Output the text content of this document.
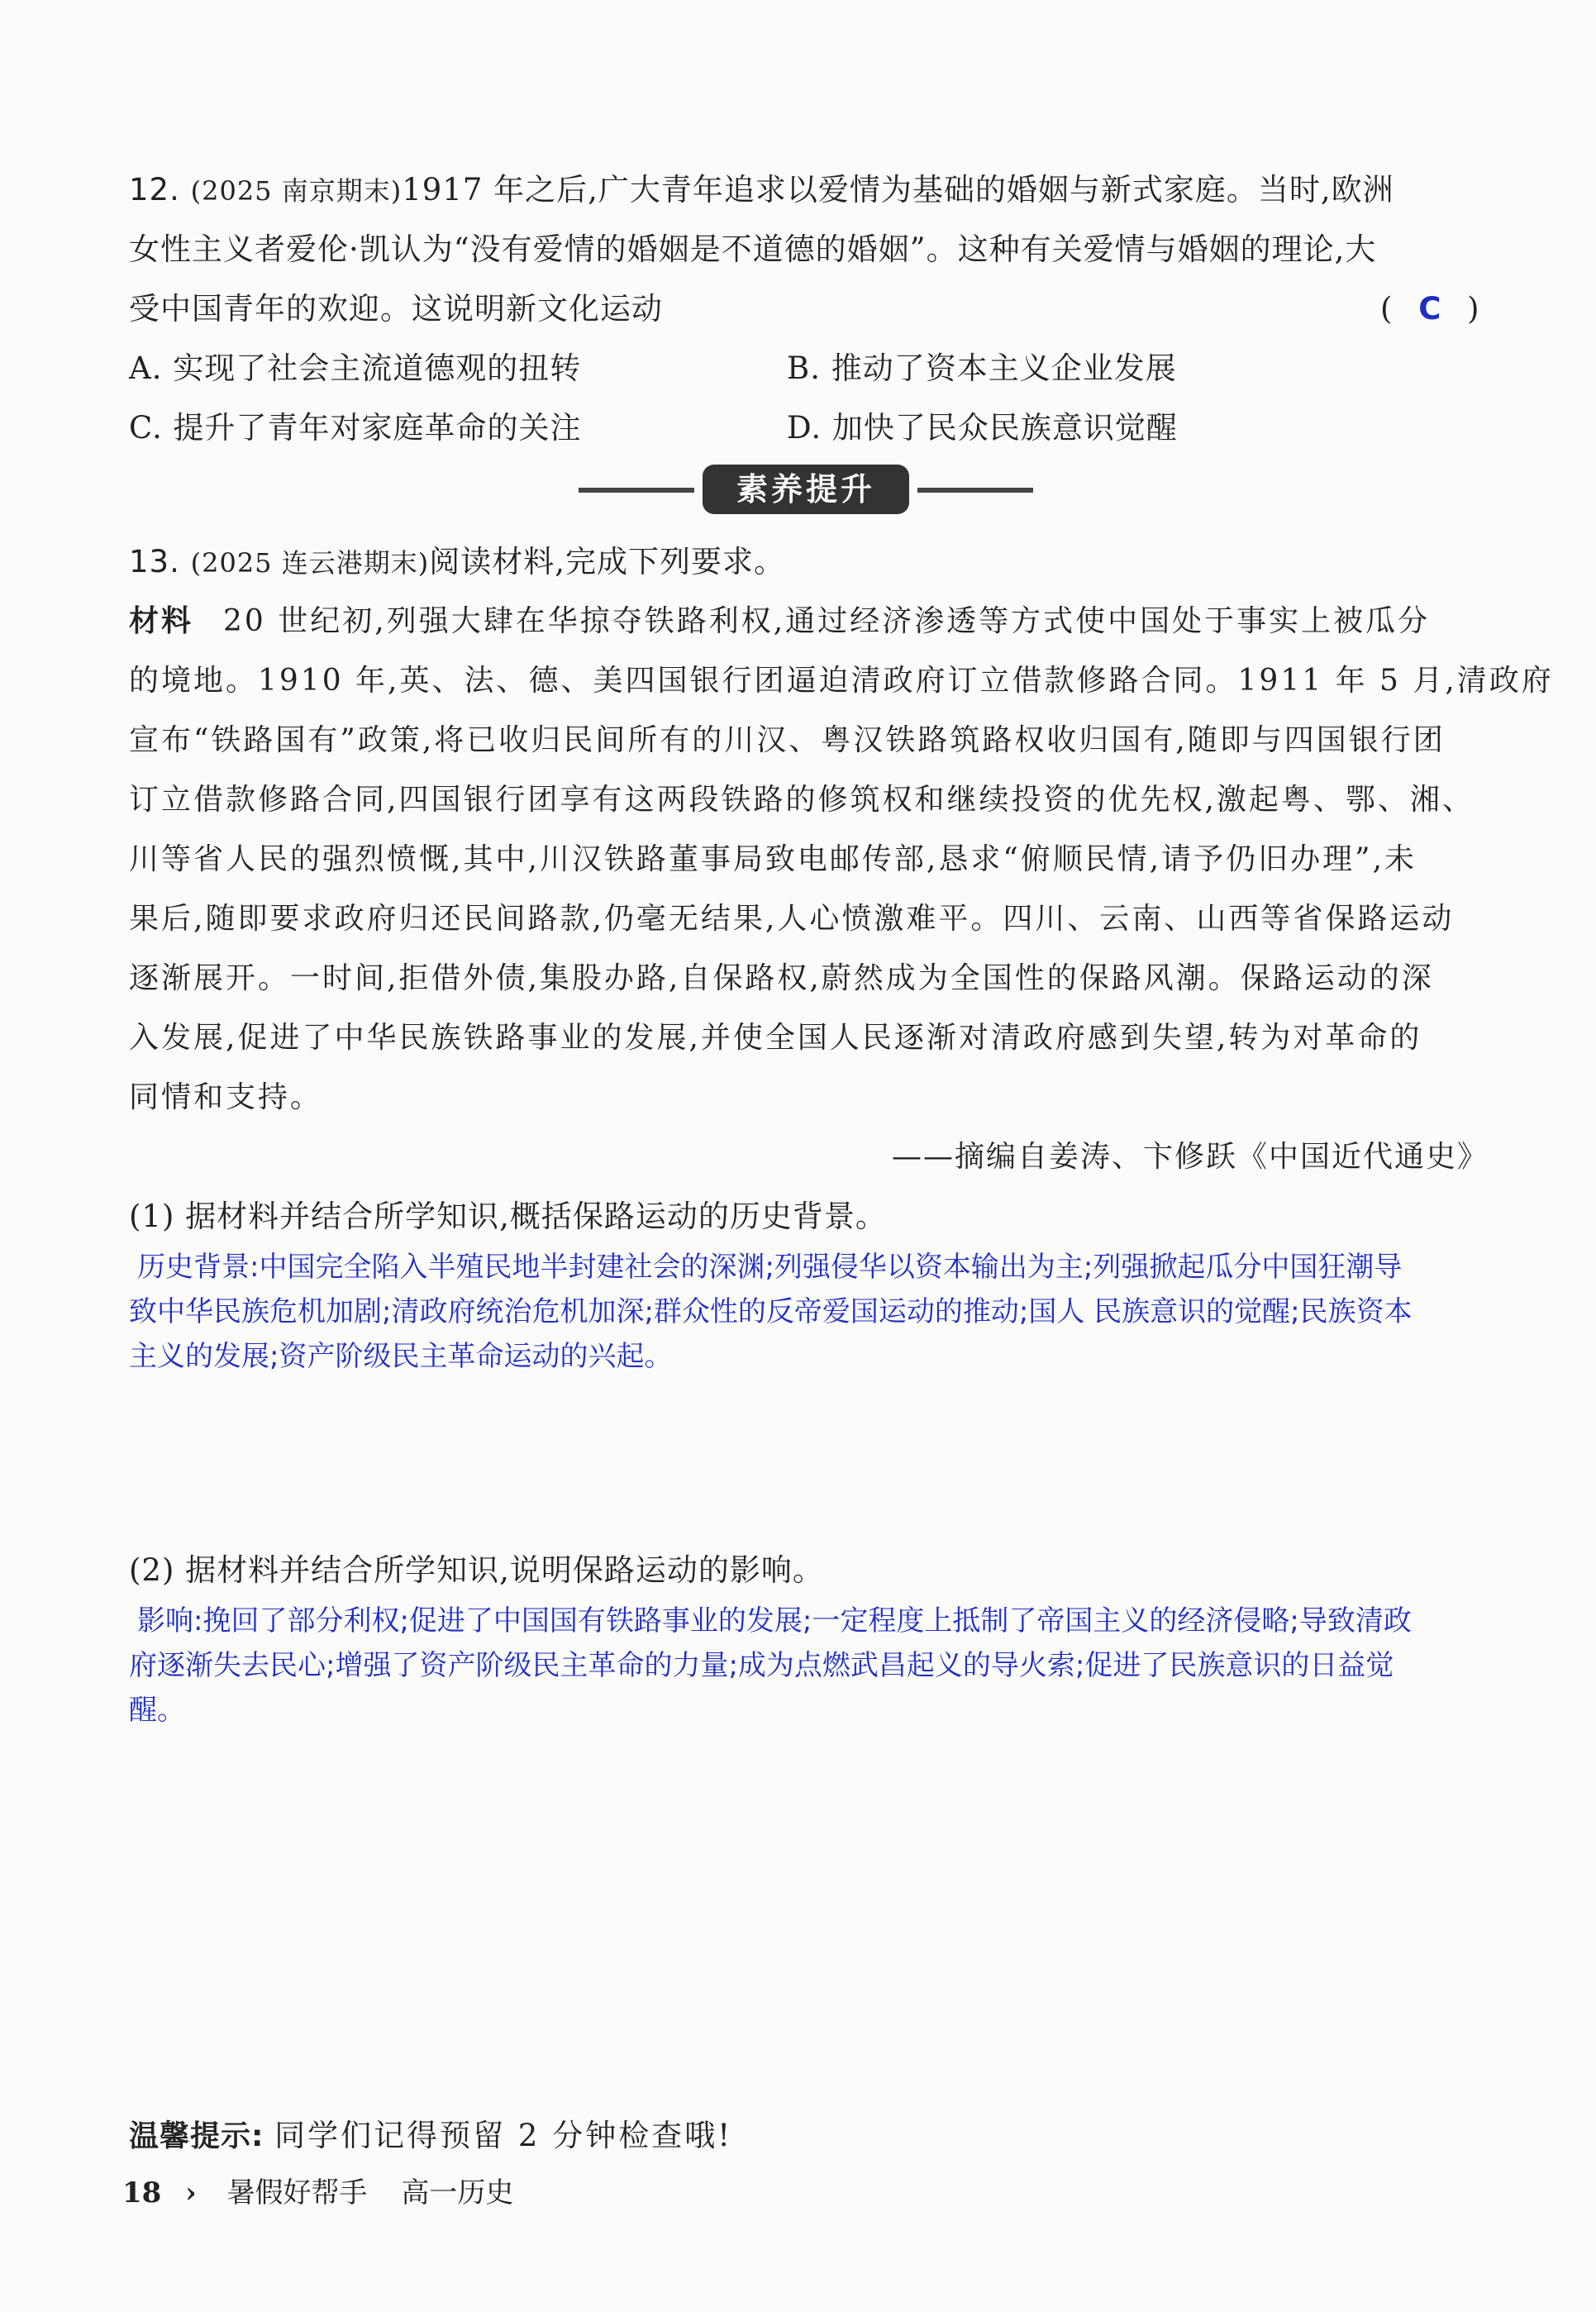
12. (2025 南京期末)1917 年之后,广大青年追求以爱情为基础的婚姻与新式家庭。当时,欧洲
女性主义者爱伦·凯认为“没有爱情的婚姻是不道德的婚姻”。这种有关爱情与婚姻的理论,大
受中国青年的欢迎。这说明新文化运动	( C )
A. 实现了社会主流道德观的扭转	B. 推动了资本主义企业发展
C. 提升了青年对家庭革命的关注	D. 加快了民众民族意识觉醒
素养提升
13. (2025 连云港期末)阅读材料,完成下列要求。
材料 20 世纪初,列强大肆在华掠夺铁路利权,通过经济渗透等方式使中国处于事实上被瓜分
的境地。1910 年,英、法、德、美四国银行团逼迫清政府订立借款修路合同。1911 年 5 月,清政府
宣布“铁路国有”政策,将已收归民间所有的川汉、粤汉铁路筑路权收归国有,随即与四国银行团
订立借款修路合同,四国银行团享有这两段铁路的修筑权和继续投资的优先权,激起粤、鄂、湘、
川等省人民的强烈愤慨,其中,川汉铁路董事局致电邮传部,恳求“俯顺民情,请予仍旧办理”,未
果后,随即要求政府归还民间路款,仍毫无结果,人心愤激难平。四川、云南、山西等省保路运动
逐渐展开。一时间,拒借外债,集股办路,自保路权,蔚然成为全国性的保路风潮。保路运动的深
入发展,促进了中华民族铁路事业的发展,并使全国人民逐渐对清政府感到失望,转为对革命的
同情和支持。
——摘编自姜涛、卞修跃《中国近代通史》
(1) 据材料并结合所学知识,概括保路运动的历史背景。
历史背景:中国完全陷入半殖民地半封建社会的深渊;列强侵华以资本输出为主;列强掀起瓜分中国狂潮导
致中华民族危机加剧;清政府统治危机加深;群众性的反帝爱国运动的推动;国人 民族意识的觉醒;民族资本
主义的发展;资产阶级民主革命运动的兴起。
(2) 据材料并结合所学知识,说明保路运动的影响。
影响:挽回了部分利权;促进了中国国有铁路事业的发展;一定程度上抵制了帝国主义的经济侵略;导致清政
府逐渐失去民心;增强了资产阶级民主革命的力量;成为点燃武昌起义的导火索;促进了民族意识的日益觉
醒。
温馨提示: 同学们记得预留 2 分钟检查哦!
18 › 暑假好帮手 高一历史
